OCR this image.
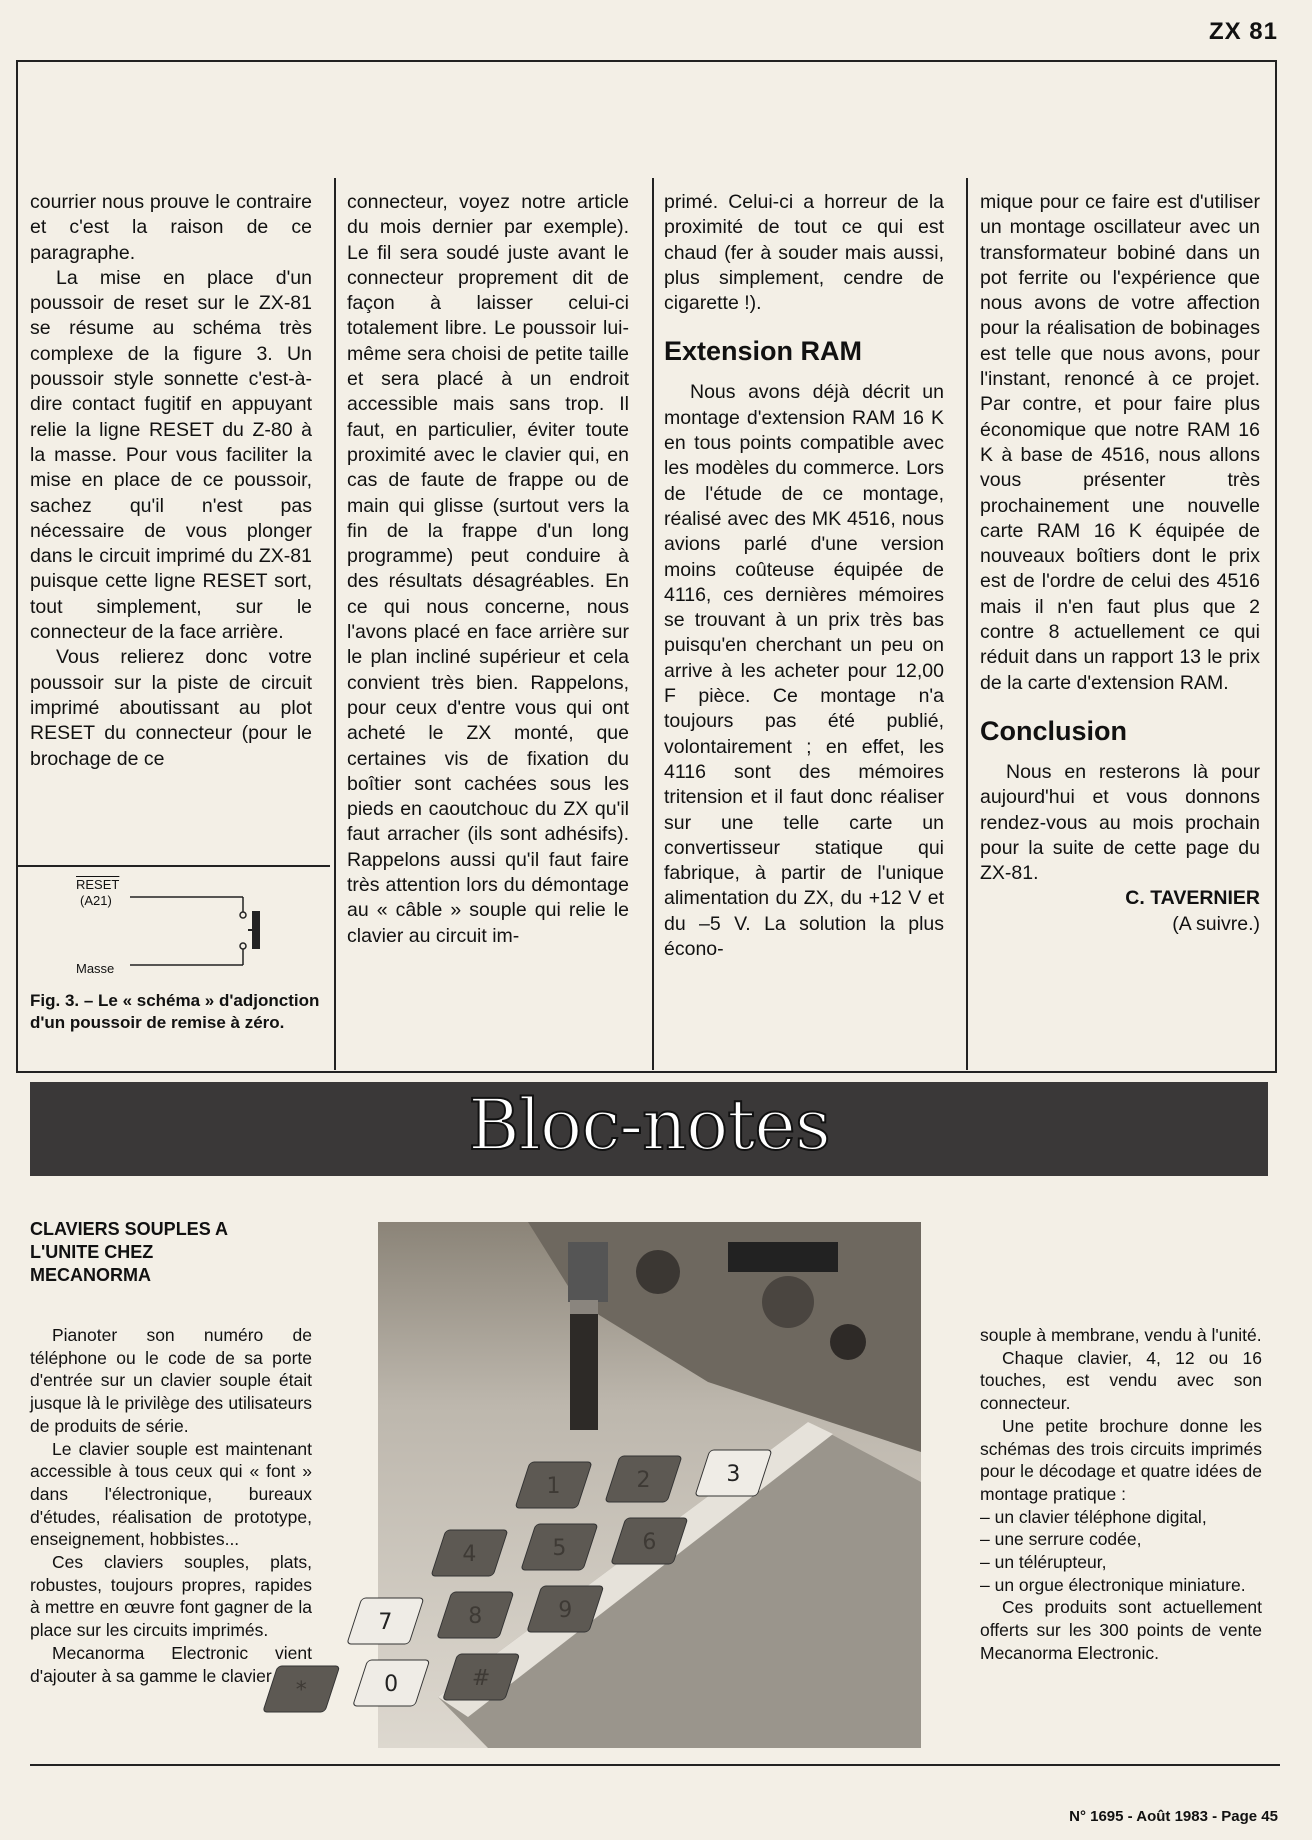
ZX 81

courrier nous prouve le contraire et c'est la raison de ce paragraphe.

La mise en place d'un poussoir de reset sur le ZX-81 se résume au schéma très complexe de la figure 3. Un poussoir style sonnette c'est-à-dire contact fugitif en appuyant relie la ligne RESET du Z-80 à la masse. Pour vous faciliter la mise en place de ce poussoir, sachez qu'il n'est pas nécessaire de vous plonger dans le circuit imprimé du ZX-81 puisque cette ligne RESET sort, tout simplement, sur le connecteur de la face arrière.

Vous relierez donc votre poussoir sur la piste de circuit imprimé aboutissant au plot RESET du connecteur (pour le brochage de ce

RESET
(A21)
Masse
Fig. 3. – Le « schéma » d'adjonction d'un poussoir de remise à zéro.

connecteur, voyez notre article du mois dernier par exemple). Le fil sera soudé juste avant le connecteur proprement dit de façon à laisser celui-ci totalement libre. Le poussoir lui-même sera choisi de petite taille et sera placé à un endroit accessible mais sans trop. Il faut, en particulier, éviter toute proximité avec le clavier qui, en cas de faute de frappe ou de main qui glisse (surtout vers la fin de la frappe d'un long programme) peut conduire à des résultats désagréables. En ce qui nous concerne, nous l'avons placé en face arrière sur le plan incliné supérieur et cela convient très bien. Rappelons, pour ceux d'entre vous qui ont acheté le ZX monté, que certaines vis de fixation du boîtier sont cachées sous les pieds en caoutchouc du ZX qu'il faut arracher (ils sont adhésifs). Rappelons aussi qu'il faut faire très attention lors du démontage au « câble » souple qui relie le clavier au circuit im-

primé. Celui-ci a horreur de la proximité de tout ce qui est chaud (fer à souder mais aussi, plus simplement, cendre de cigarette !).

Extension RAM

Nous avons déjà décrit un montage d'extension RAM 16 K en tous points compatible avec les modèles du commerce. Lors de l'étude de ce montage, réalisé avec des MK 4516, nous avions parlé d'une version moins coûteuse équipée de 4116, ces dernières mémoires se trouvant à un prix très bas puisqu'en cherchant un peu on arrive à les acheter pour 12,00 F pièce. Ce montage n'a toujours pas été publié, volontairement ; en effet, les 4116 sont des mémoires tritension et il faut donc réaliser sur une telle carte un convertisseur statique qui fabrique, à partir de l'unique alimentation du ZX, du +12 V et du –5 V. La solution la plus écono-

mique pour ce faire est d'utiliser un montage oscillateur avec un transformateur bobiné dans un pot ferrite ou l'expérience que nous avons de votre affection pour la réalisation de bobinages est telle que nous avons, pour l'instant, renoncé à ce projet. Par contre, et pour faire plus économique que notre RAM 16 K à base de 4516, nous allons vous présenter très prochainement une nouvelle carte RAM 16 K équipée de nouveaux boîtiers dont le prix est de l'ordre de celui des 4516 mais il n'en faut plus que 2 contre 8 actuellement ce qui réduit dans un rapport 13 le prix de la carte d'extension RAM.

Conclusion

Nous en resterons là pour aujourd'hui et vous donnons rendez-vous au mois prochain pour la suite de cette page du ZX-81.

C. TAVERNIER
(A suivre.)
Bloc-notes
CLAVIERS SOUPLES A L'UNITE CHEZ MECANORMA

Pianoter son numéro de téléphone ou le code de sa porte d'entrée sur un clavier souple était jusque là le privilège des utilisateurs de produits de série.

Le clavier souple est maintenant accessible à tous ceux qui « font » dans l'électronique, bureaux d'études, réalisation de prototype, enseignement, hobbistes...

Ces claviers souples, plats, robustes, toujours propres, rapides à mettre en œuvre font gagner de la place sur les circuits imprimés.

Mecanorma Electronic vient d'ajouter à sa gamme le clavier

1	2	3
4	5	6
7	8	9
*	0	#

souple à membrane, vendu à l'unité.

Chaque clavier, 4, 12 ou 16 touches, est vendu avec son connecteur.

Une petite brochure donne les schémas des trois circuits imprimés pour le décodage et quatre idées de montage pratique :

– un clavier téléphone digital,

– une serrure codée,

– un télérupteur,

– un orgue électronique miniature.

Ces produits sont actuellement offerts sur les 300 points de vente Mecanorma Electronic.

N° 1695 - Août 1983 - Page 45
